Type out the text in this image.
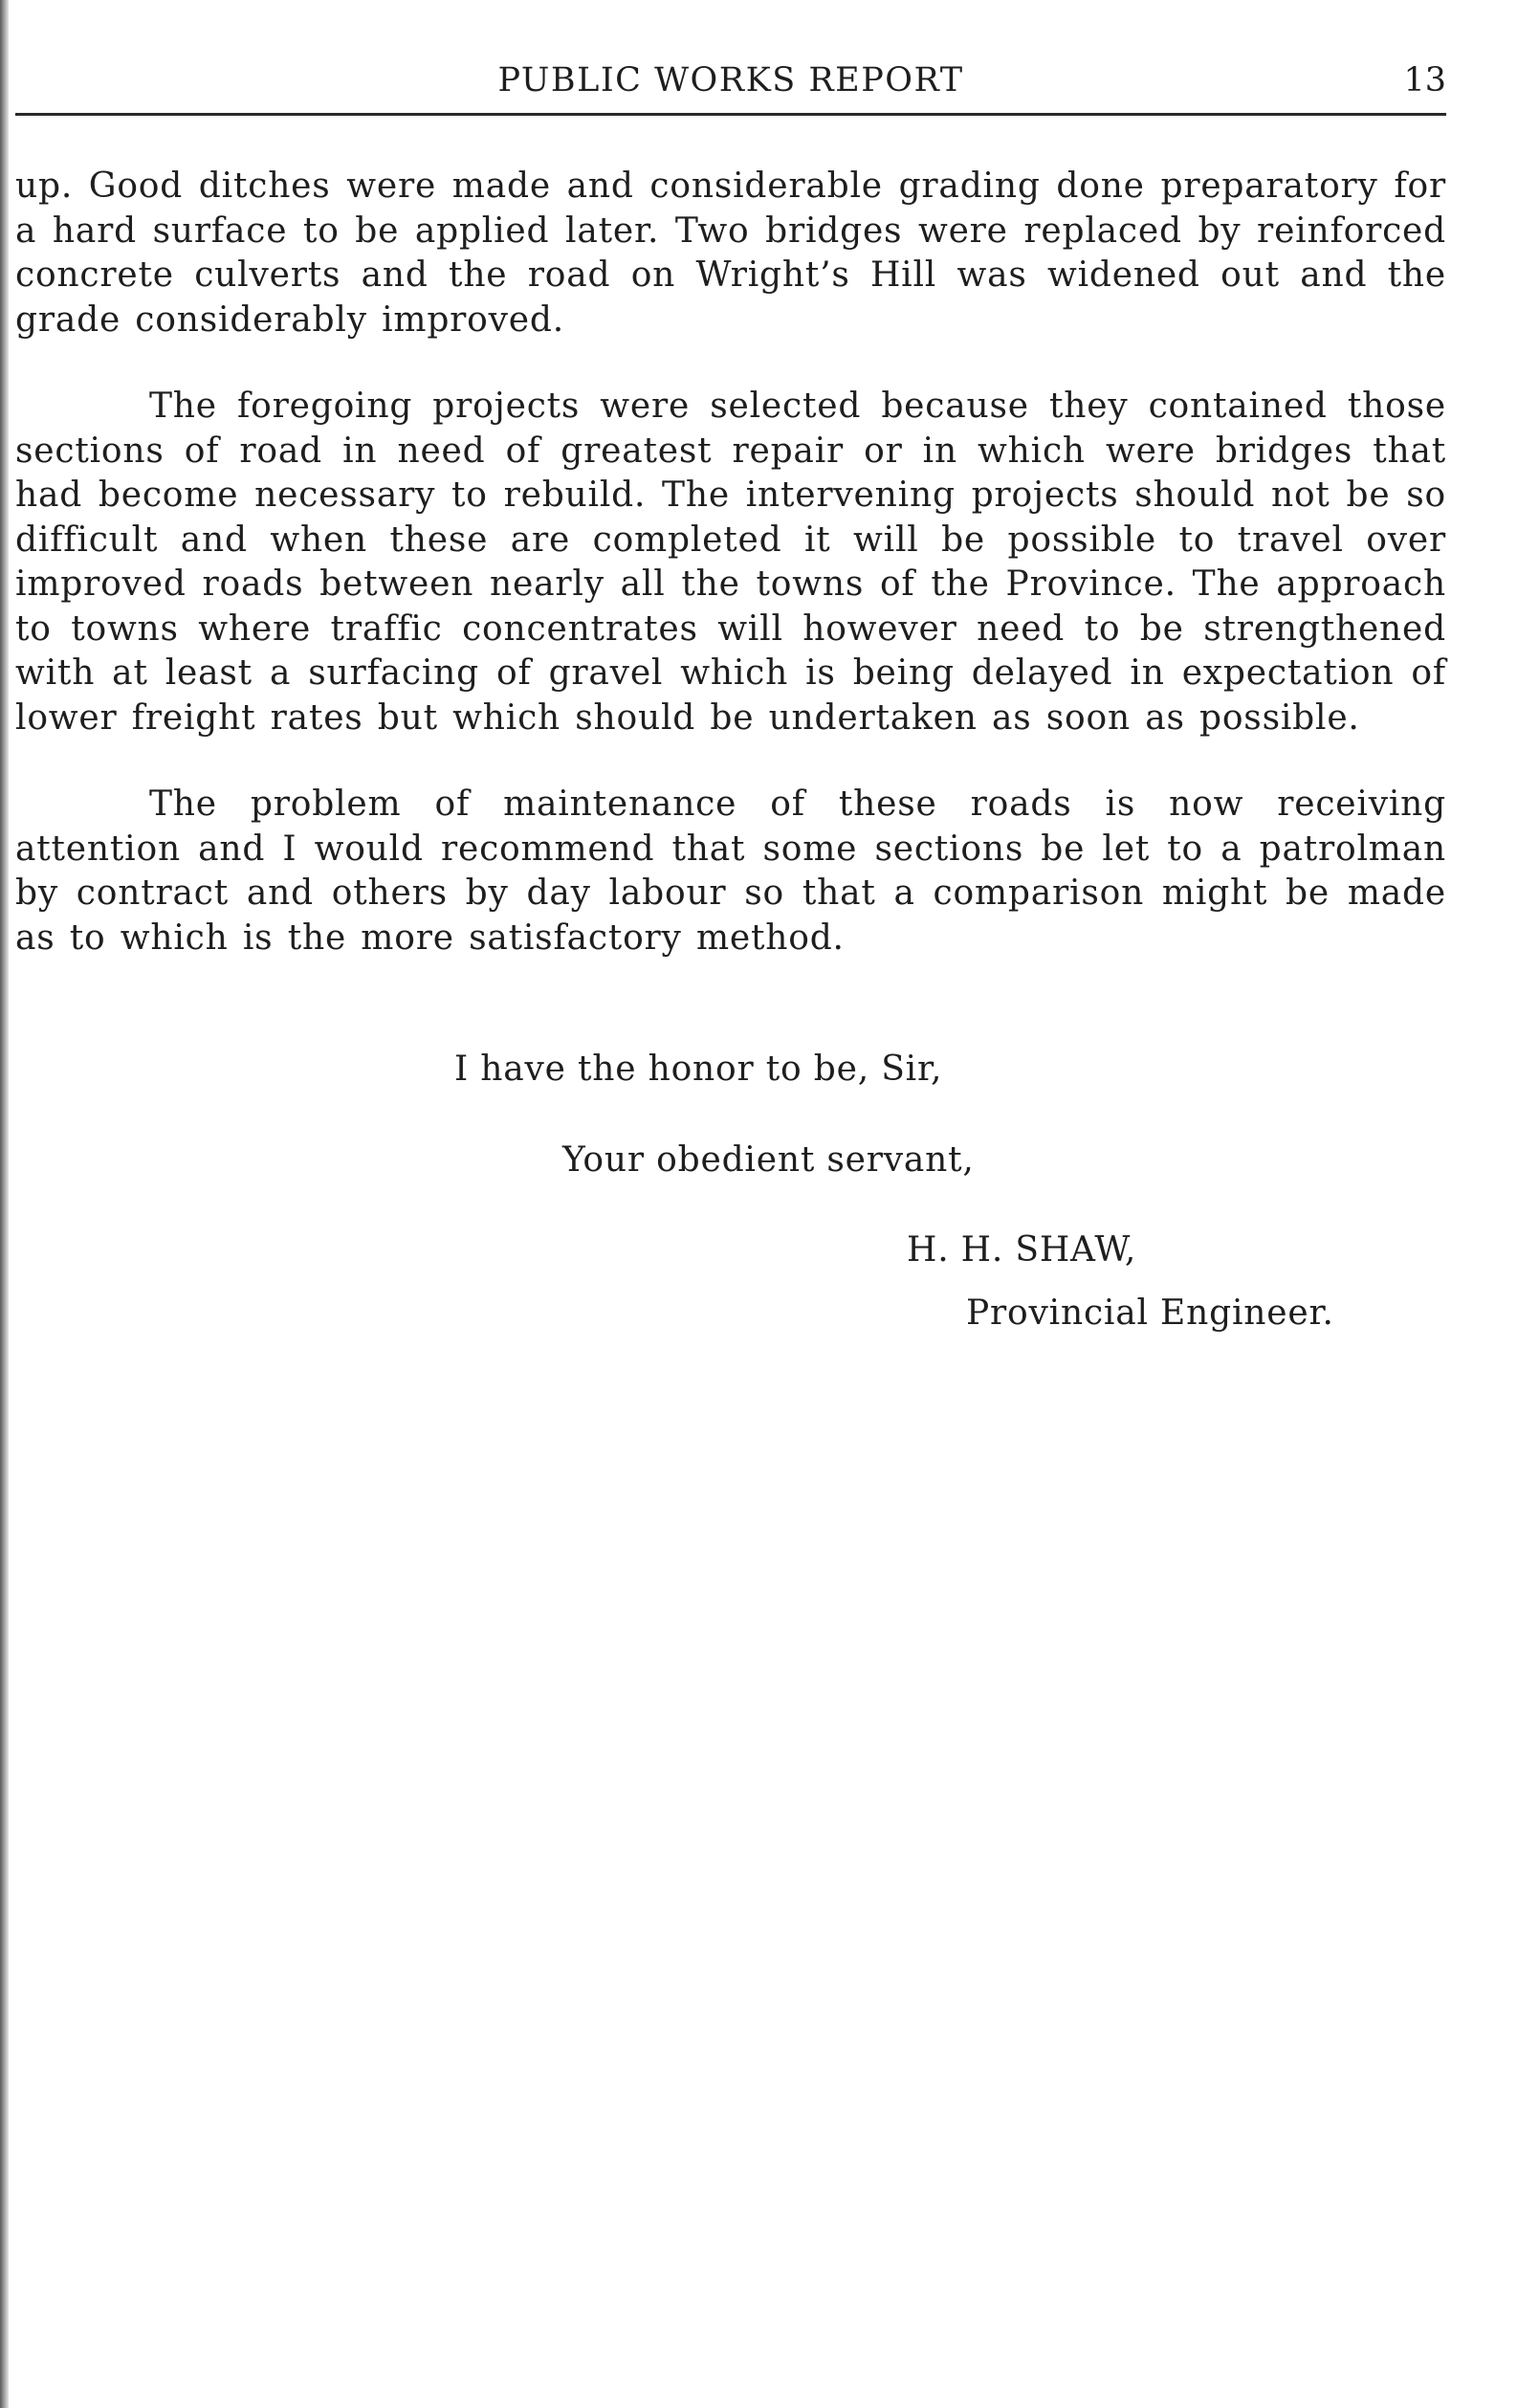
PUBLIC WORKS REPORT	13

up. Good ditches were made and considerable grading done preparatory for a hard surface to be applied later. Two bridges were replaced by reinforced concrete culverts and the road on Wright’s Hill was widened out and the grade considerably improved.

The foregoing projects were selected because they contained those sections of road in need of greatest repair or in which were bridges that had become necessary to rebuild. The intervening projects should not be so difficult and when these are completed it will be possible to travel over improved roads between nearly all the towns of the Province. The approach to towns where traffic concentrates will however need to be strengthened with at least a surfacing of gravel which is being delayed in expectation of lower freight rates but which should be undertaken as soon as possible.

The problem of maintenance of these roads is now receiving attention and I would recommend that some sections be let to a patrolman by contract and others by day labour so that a comparison might be made as to which is the more satisfactory method.

I have the honor to be, Sir,
Your obedient servant,
H. H. SHAW,
Provincial Engineer.
